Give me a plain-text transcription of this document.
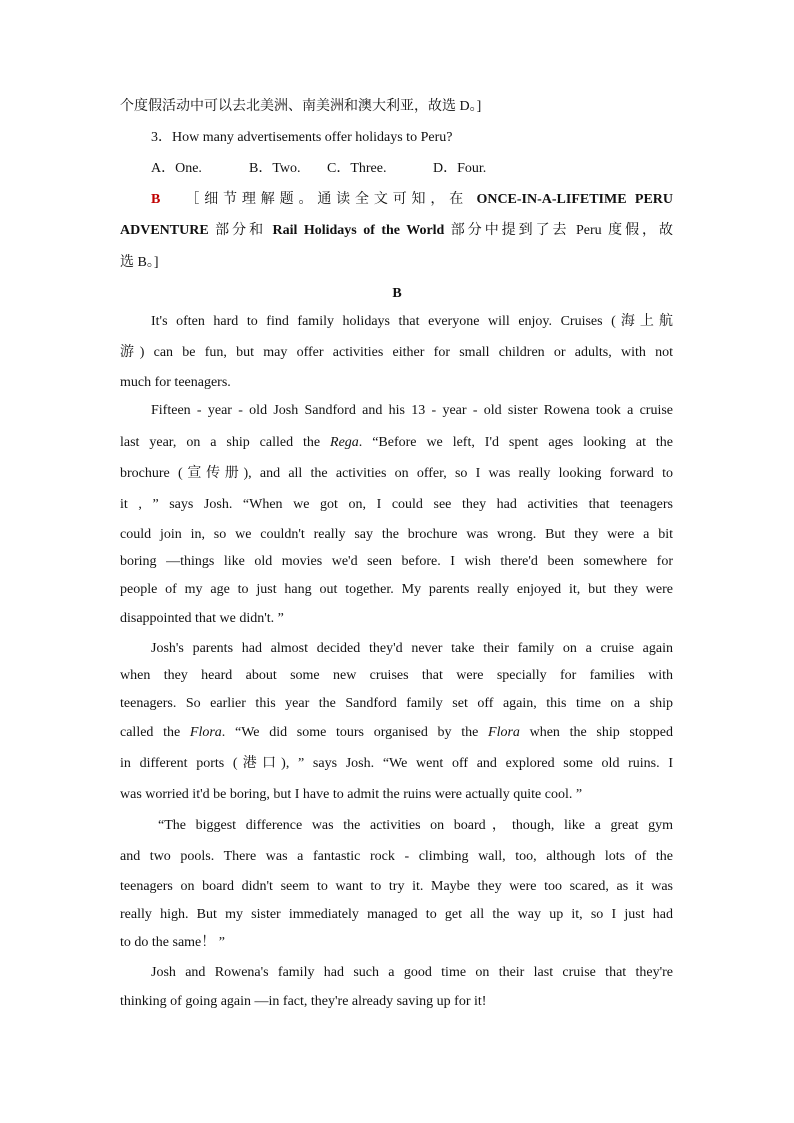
个度假活动中可以去北美洲、南美洲和澳大利亚，故选 D。]
3．How many advertisements offer holidays to Peru?
A．One.	B．Two. C．Three.	D．Four.
B ［细节理解题。通读全文可知，在 ONCE-IN-A-LIFETIME PERU
ADVENTURE 部分和 Rail Holidays of the World 部分中提到了去 Peru 度假，故
选 B。]
B
It's often hard to find family holidays that everyone will enjoy. Cruises (海上航
游) can be fun, but may offer activities either for small children or adults, with not
much for teenagers.
Fifteen - year - old Josh Sandford and his 13 - year - old sister Rowena took a cruise
last year, on a ship called the Rega. “Before we left, I'd spent ages looking at the
brochure (宣传册), and all the activities on offer, so I was really looking forward to
it , ” says Josh. “When we got on, I could see they had activities that teenagers
could join in, so we couldn't really say the brochure was wrong. But they were a bit
boring —things like old movies we'd seen before. I wish there'd been somewhere for
people of my age to just hang out together. My parents really enjoyed it, but they were
disappointed that we didn't. ”
Josh's parents had almost decided they'd never take their family on a cruise again
when they heard about some new cruises that were specially for families with
teenagers. So earlier this year the Sandford family set off again, this time on a ship
called the Flora. “We did some tours organised by the Flora when the ship stopped
in different ports (港口), ” says Josh. “We went off and explored some old ruins. I
was worried it'd be boring, but I have to admit the ruins were actually quite cool. ”
“The biggest difference was the activities on board，though, like a great gym
and two pools. There was a fantastic rock - climbing wall, too, although lots of the
teenagers on board didn't seem to want to try it. Maybe they were too scared, as it was
really high. But my sister immediately managed to get all the way up it, so I just had
to do the same！ ”
Josh and Rowena's family had such a good time on their last cruise that they're
thinking of going again —in fact, they're already saving up for it!
